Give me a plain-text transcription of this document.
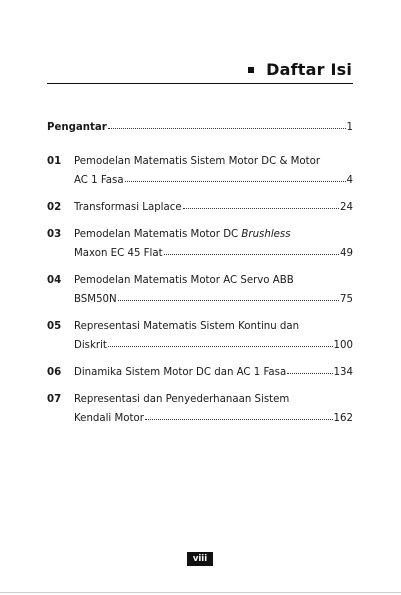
Daftar Isi
Pengantar	1
01	Pemodelan Matematis Sistem Motor DC & Motor
AC 1 Fasa	4
02	Transformasi Laplace	24
03	Pemodelan Matematis Motor DC Brushless
Maxon EC 45 Flat	49
04	Pemodelan Matematis Motor AC Servo ABB
BSM50N	75
05	Representasi Matematis Sistem Kontinu dan
Diskrit	100
06	Dinamika Sistem Motor DC dan AC 1 Fasa	134
07	Representasi dan Penyederhanaan Sistem
Kendali Motor	162
viii
